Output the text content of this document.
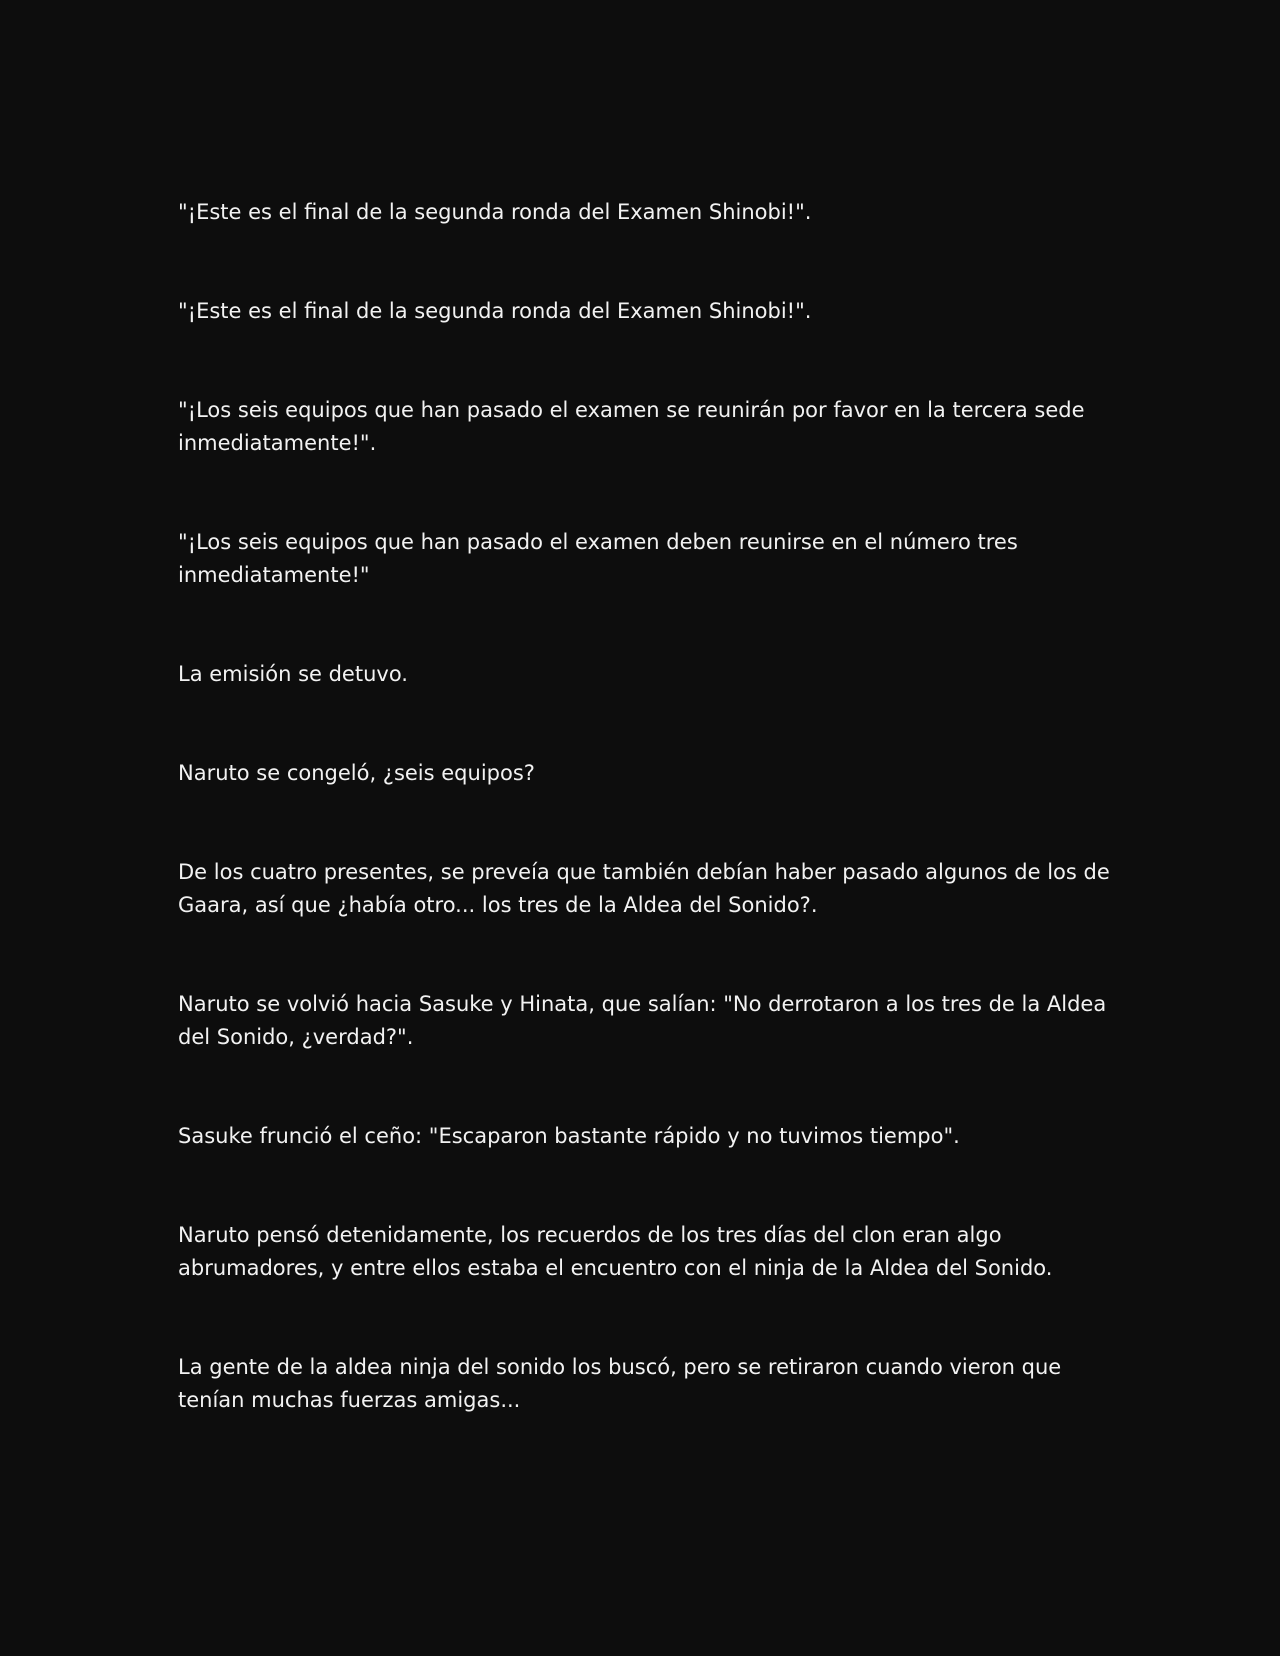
"¡Este es el final de la segunda ronda del Examen Shinobi!".

"¡Este es el final de la segunda ronda del Examen Shinobi!".

"¡Los seis equipos que han pasado el examen se reunirán por favor en la tercera sede inmediatamente!".

"¡Los seis equipos que han pasado el examen deben reunirse en el número tres inmediatamente!"

La emisión se detuvo.

Naruto se congeló, ¿seis equipos?

De los cuatro presentes, se preveía que también debían haber pasado algunos de los de Gaara, así que ¿había otro... los tres de la Aldea del Sonido?.

Naruto se volvió hacia Sasuke y Hinata, que salían: "No derrotaron a los tres de la Aldea del Sonido, ¿verdad?".

Sasuke frunció el ceño: "Escaparon bastante rápido y no tuvimos tiempo".

Naruto pensó detenidamente, los recuerdos de los tres días del clon eran algo abrumadores, y entre ellos estaba el encuentro con el ninja de la Aldea del Sonido.

La gente de la aldea ninja del sonido los buscó, pero se retiraron cuando vieron que tenían muchas fuerzas amigas...
